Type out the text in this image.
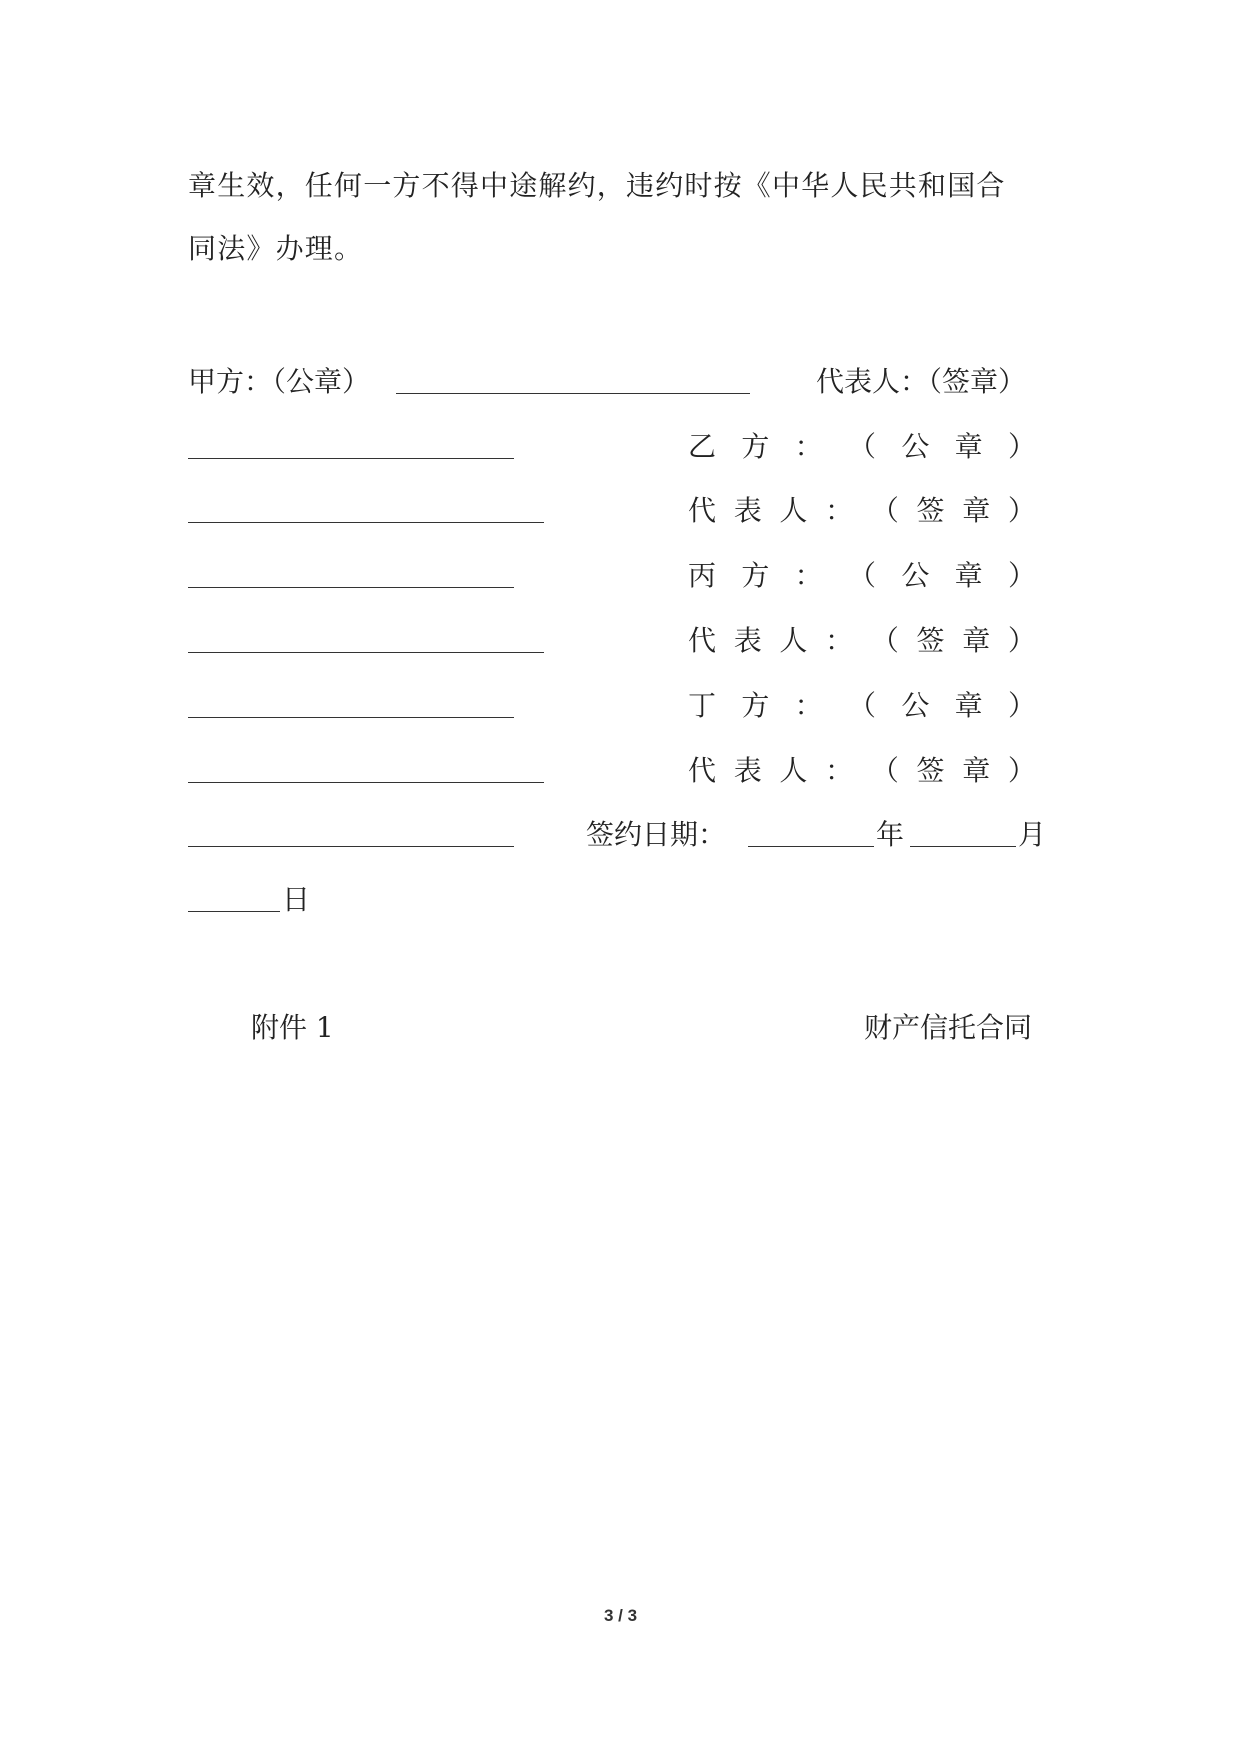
章生效，任何一方不得中途解约，违约时按《中华人民共和国合
同法》办理。
甲方：（公章）	代表人：（签章）
乙 方 ： （ 公 章 ）
代 表 人 ： （ 签 章 ）
丙 方 ： （ 公 章 ）
代 表 人 ： （ 签 章 ）
丁 方 ： （ 公 章 ）
代 表 人 ： （ 签 章 ）
签约日期：	年	月
日
附件 1	财产信托合同
3 / 3
